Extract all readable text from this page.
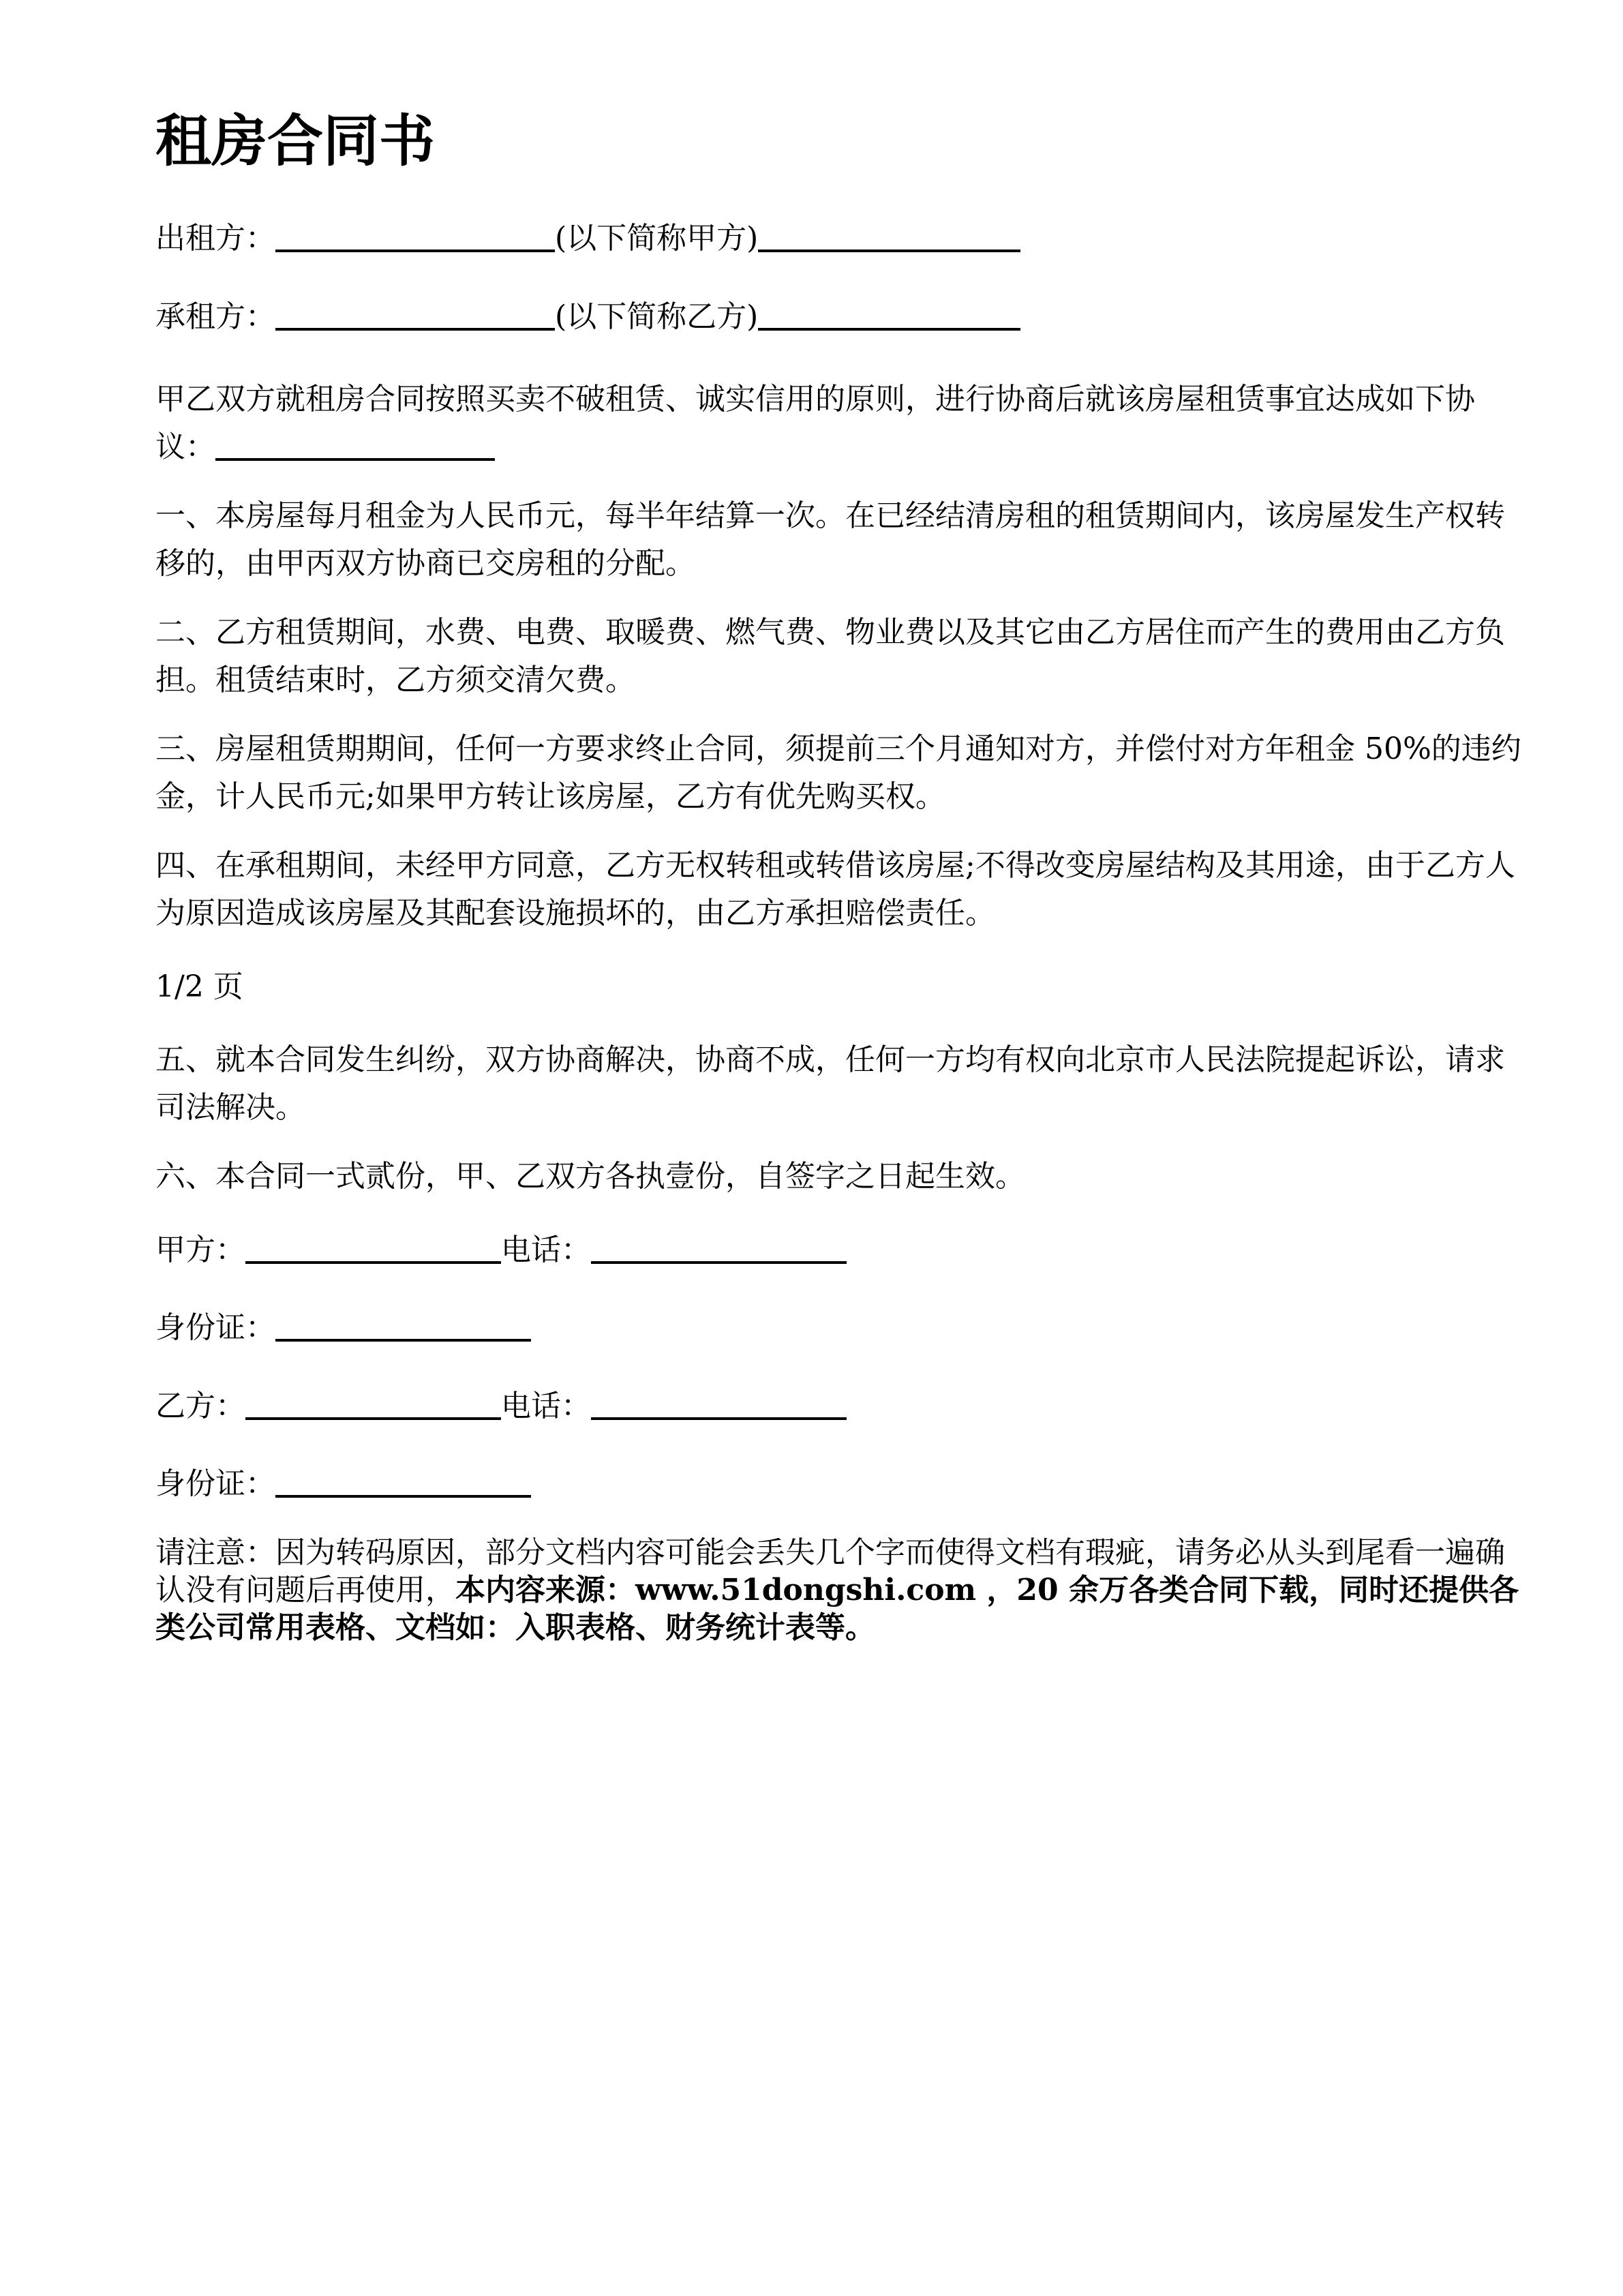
租房合同书
出租方：	(以下简称甲方)
承租方：	(以下简称乙方)
甲乙双方就租房合同按照买卖不破租赁、诚实信用的原则，进行协商后就该房屋租赁事宜达成如下协议：
一、本房屋每月租金为人民币元，每半年结算一次。在已经结清房租的租赁期间内，该房屋发生产权转移的，由甲丙双方协商已交房租的分配。
二、乙方租赁期间，水费、电费、取暖费、燃气费、物业费以及其它由乙方居住而产生的费用由乙方负担。租赁结束时，乙方须交清欠费。
三、房屋租赁期期间，任何一方要求终止合同，须提前三个月通知对方，并偿付对方年租金 50%的违约金，计人民币元;如果甲方转让该房屋，乙方有优先购买权。
四、在承租期间，未经甲方同意，乙方无权转租或转借该房屋;不得改变房屋结构及其用途，由于乙方人为原因造成该房屋及其配套设施损坏的，由乙方承担赔偿责任。
1/2 页
五、就本合同发生纠纷，双方协商解决，协商不成，任何一方均有权向北京市人民法院提起诉讼，请求司法解决。
六、本合同一式贰份，甲、乙双方各执壹份，自签字之日起生效。
甲方：	电话：
身份证：
乙方：	电话：
身份证：
请注意：因为转码原因，部分文档内容可能会丢失几个字而使得文档有瑕疵，请务必从头到尾看一遍确认没有问题后再使用，本内容来源：www.51dongshi.com ，20 余万各类合同下载，同时还提供各类公司常用表格、文档如：入职表格、财务统计表等。
